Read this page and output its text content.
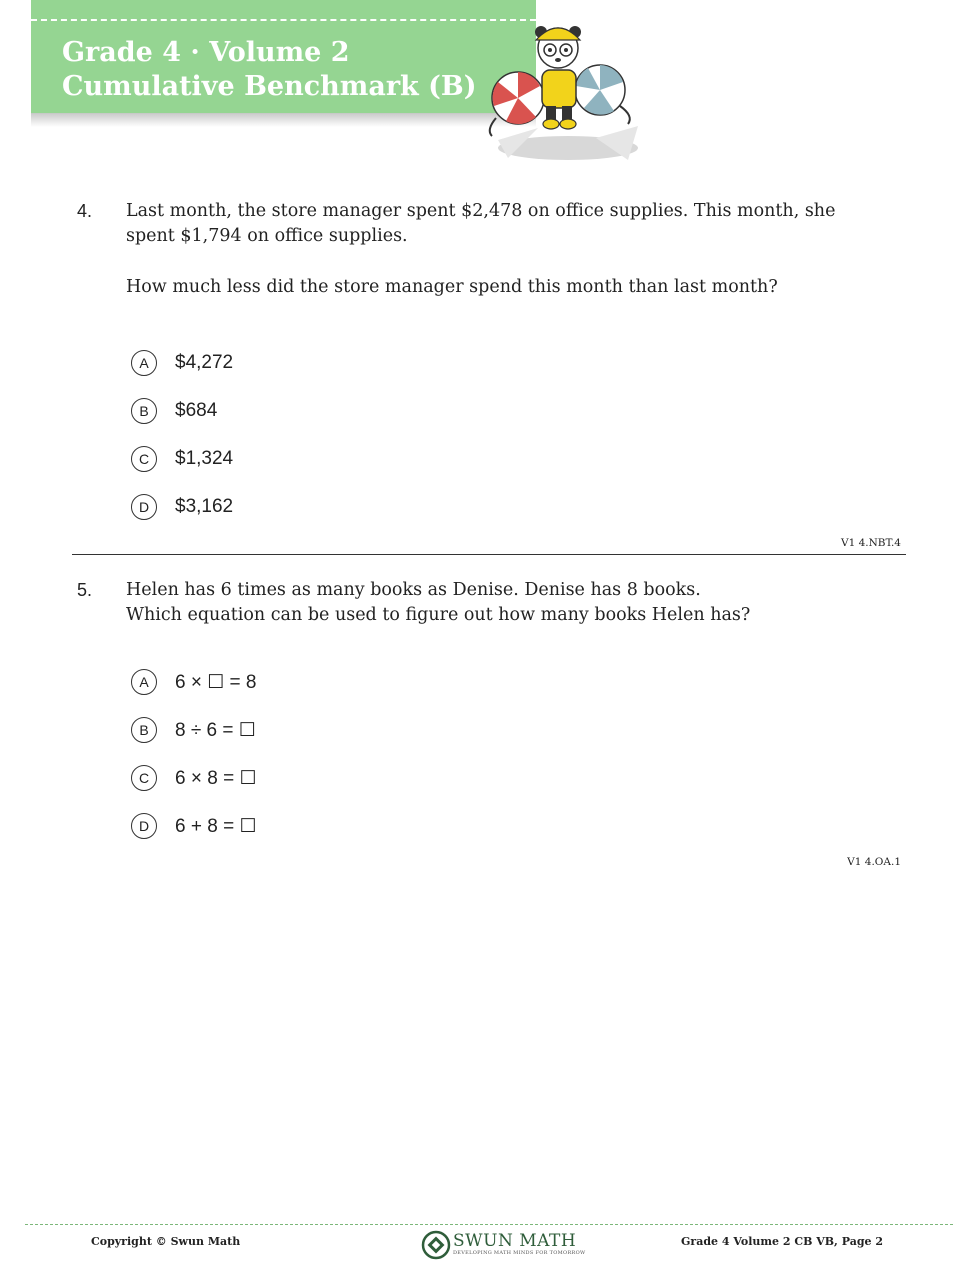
Grade 4 · Volume 2
Cumulative Benchmark (B)
4. Last month, the store manager spent $2,478 on office supplies. This month, she
spent $1,794 on office supplies.
How much less did the store manager spend this month than last month?
A	$4,272
B	$684
C	$1,324
D	$3,162
V1 4.NBT.4
5. Helen has 6 times as many books as Denise. Denise has 8 books.
Which equation can be used to figure out how many books Helen has?
A	6 × ☐ = 8
B	8 ÷ 6 = ☐
C	6 × 8 = ☐
D	6 + 8 = ☐
V1 4.OA.1
Copyright © Swun Math	SWUN MATH
DEVELOPING MATH MINDS FOR TOMORROW
Grade 4 Volume 2 CB VB, Page 2
